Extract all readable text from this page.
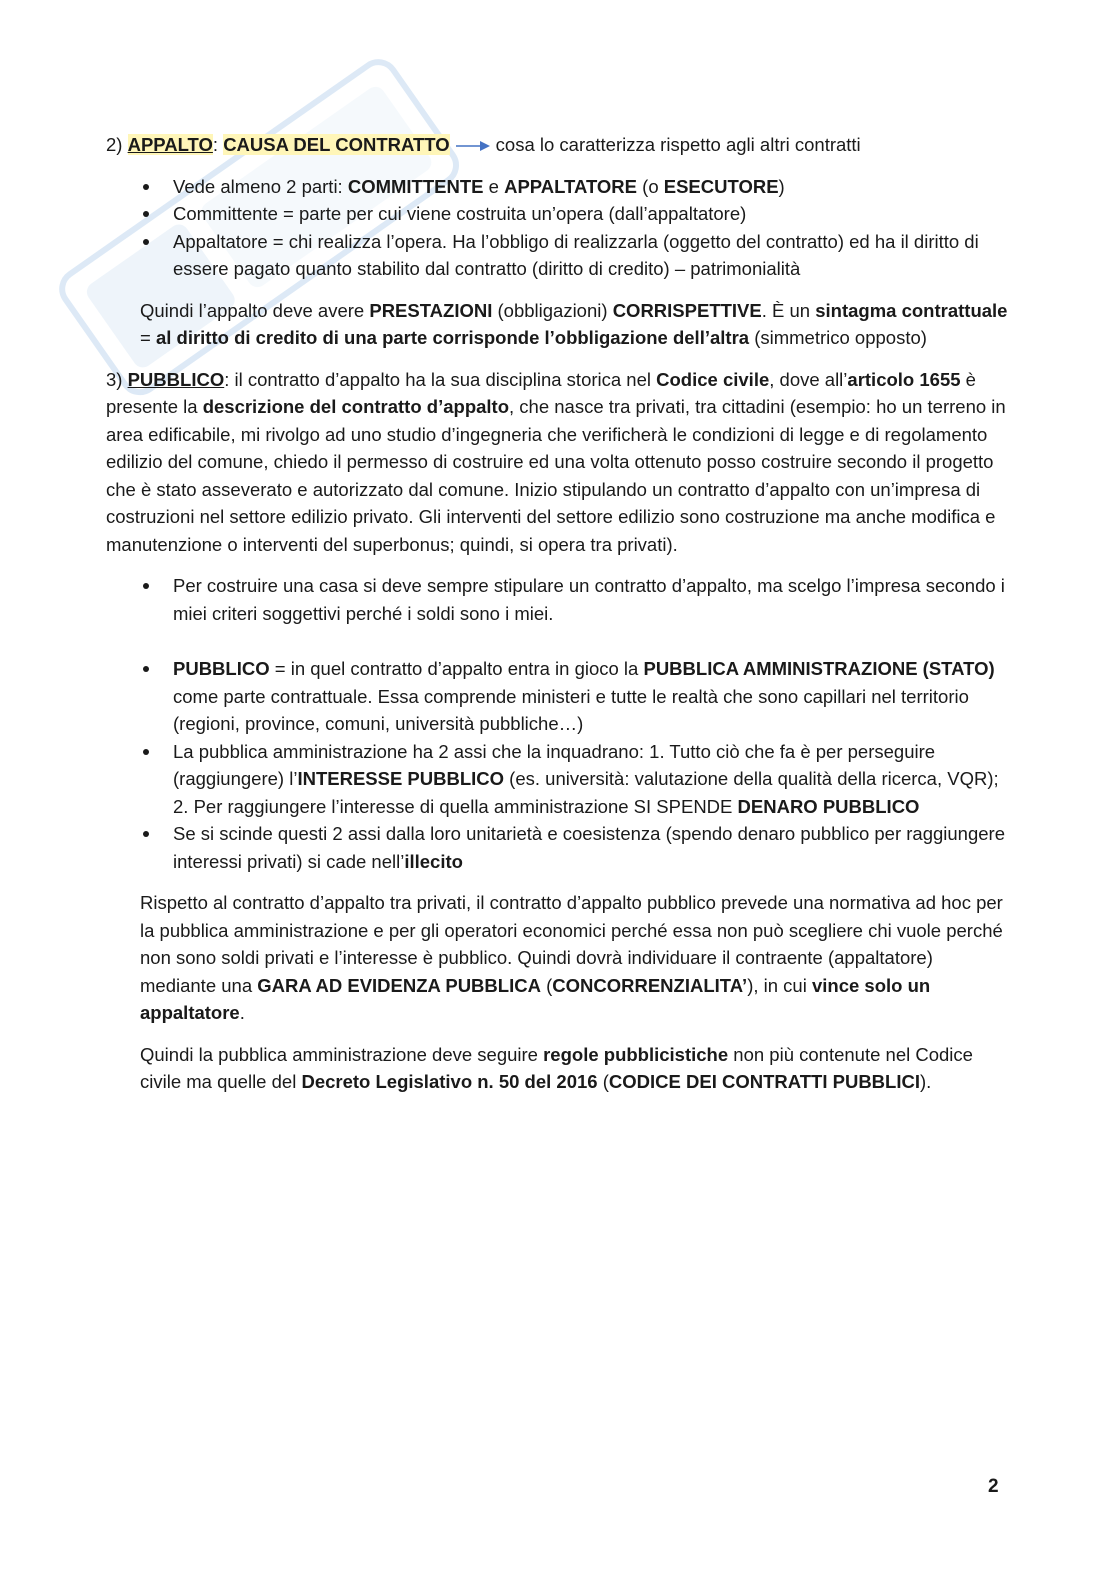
2) APPALTO: CAUSA DEL CONTRATTO cosa lo caratterizza rispetto agli altri contratti

Vede almeno 2 parti: COMMITTENTE e APPALTATORE (o ESECUTORE)
Committente = parte per cui viene costruita un’opera (dall’appaltatore)
Appaltatore = chi realizza l’opera. Ha l’obbligo di realizzarla (oggetto del contratto) ed ha il diritto di essere pagato quanto stabilito dal contratto (diritto di credito) – patrimonialità

Quindi l’appalto deve avere PRESTAZIONI (obbligazioni) CORRISPETTIVE. È un sintagma contrattuale = al diritto di credito di una parte corrisponde l’obbligazione dell’altra (simmetrico opposto)

3) PUBBLICO: il contratto d’appalto ha la sua disciplina storica nel Codice civile, dove all’articolo 1655 è presente la descrizione del contratto d’appalto, che nasce tra privati, tra cittadini (esempio: ho un terreno in area edificabile, mi rivolgo ad uno studio d’ingegneria che verificherà le condizioni di legge e di regolamento edilizio del comune, chiedo il permesso di costruire ed una volta ottenuto posso costruire secondo il progetto che è stato asseverato e autorizzato dal comune. Inizio stipulando un contratto d’appalto con un’impresa di costruzioni nel settore edilizio privato. Gli interventi del settore edilizio sono costruzione ma anche modifica e manutenzione o interventi del superbonus; quindi, si opera tra privati).

Per costruire una casa si deve sempre stipulare un contratto d’appalto, ma scelgo l’impresa secondo i miei criteri soggettivi perché i soldi sono i miei.
PUBBLICO = in quel contratto d’appalto entra in gioco la PUBBLICA AMMINISTRAZIONE (STATO) come parte contrattuale. Essa comprende ministeri e tutte le realtà che sono capillari nel territorio (regioni, province, comuni, università pubbliche…)
La pubblica amministrazione ha 2 assi che la inquadrano: 1. Tutto ciò che fa è per perseguire (raggiungere) l’INTERESSE PUBBLICO (es. università: valutazione della qualità della ricerca, VQR); 2. Per raggiungere l’interesse di quella amministrazione SI SPENDE DENARO PUBBLICO
Se si scinde questi 2 assi dalla loro unitarietà e coesistenza (spendo denaro pubblico per raggiungere interessi privati) si cade nell’illecito

Rispetto al contratto d’appalto tra privati, il contratto d’appalto pubblico prevede una normativa ad hoc per la pubblica amministrazione e per gli operatori economici perché essa non può scegliere chi vuole perché non sono soldi privati e l’interesse è pubblico. Quindi dovrà individuare il contraente (appaltatore) mediante una GARA AD EVIDENZA PUBBLICA (CONCORRENZIALITA’), in cui vince solo un appaltatore.

Quindi la pubblica amministrazione deve seguire regole pubblicistiche non più contenute nel Codice civile ma quelle del Decreto Legislativo n. 50 del 2016 (CODICE DEI CONTRATTI PUBBLICI).

2
